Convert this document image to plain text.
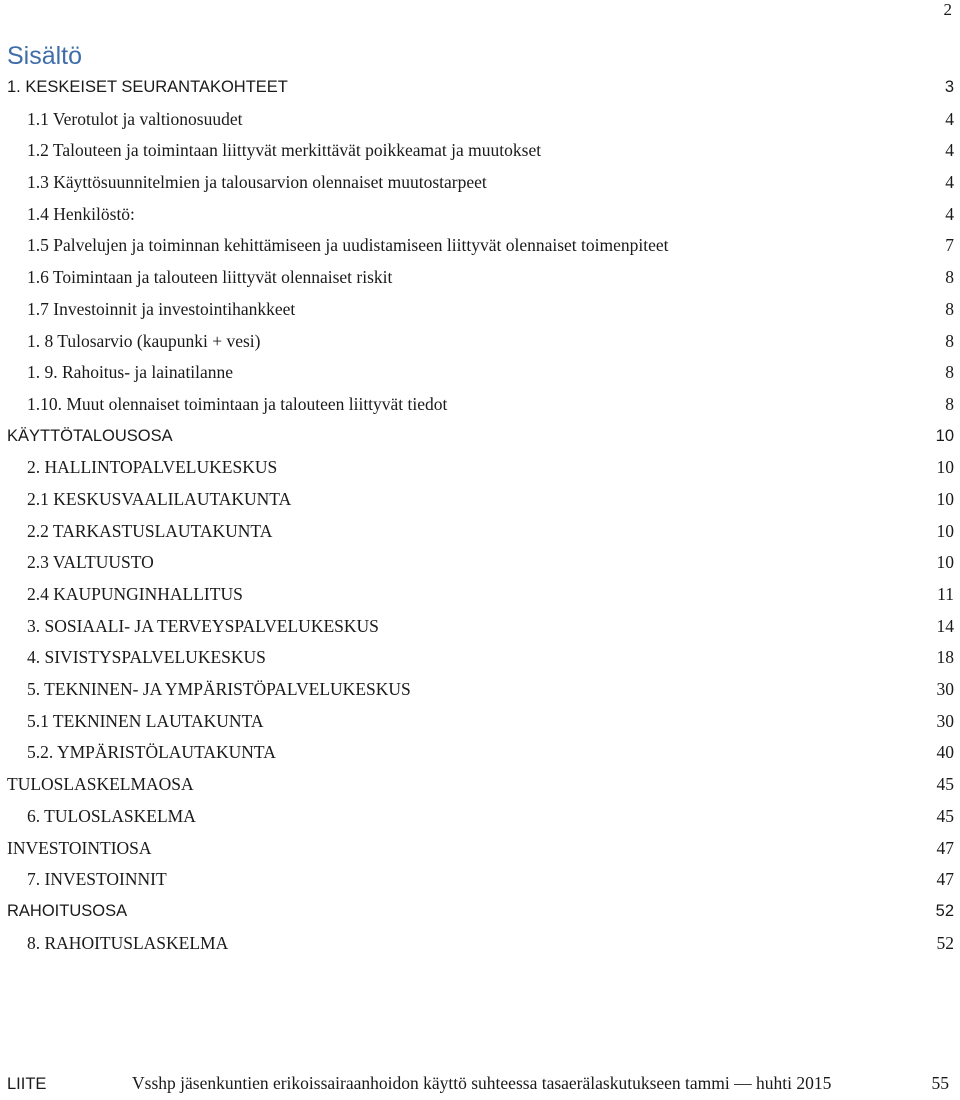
2
Sisältö
1. KESKEISET SEURANTAKOHTEET	3
1.1 Verotulot ja valtionosuudet	4
1.2 Talouteen ja toimintaan liittyvät merkittävät poikkeamat ja muutokset	4
1.3 Käyttösuunnitelmien ja talousarvion olennaiset muutostarpeet	4
1.4 Henkilöstö:	4
1.5 Palvelujen ja toiminnan kehittämiseen ja uudistamiseen liittyvät olennaiset toimenpiteet	7
1.6 Toimintaan ja talouteen liittyvät olennaiset riskit	8
1.7 Investoinnit ja investointihankkeet	8
1. 8 Tulosarvio (kaupunki + vesi)	8
1. 9. Rahoitus- ja lainatilanne	8
1.10. Muut olennaiset toimintaan ja talouteen liittyvät tiedot	8
KÄYTTÖTALOUSOSA	10
2. HALLINTOPALVELUKESKUS	10
2.1 KESKUSVAALILAUTAKUNTA	10
2.2 TARKASTUSLAUTAKUNTA	10
2.3 VALTUUSTO	10
2.4 KAUPUNGINHALLITUS	11
3. SOSIAALI- JA TERVEYSPALVELUKESKUS	14
4. SIVISTYSPALVELUKESKUS	18
5. TEKNINEN- JA YMPÄRISTÖPALVELUKESKUS	30
5.1 TEKNINEN LAUTAKUNTA	30
5.2. YMPÄRISTÖLAUTAKUNTA	40
TULOSLASKELMAOSA	45
6. TULOSLASKELMA	45
INVESTOINTIOSA	47
7. INVESTOINNIT	47
RAHOITUSOSA	52
8. RAHOITUSLASKELMA	52
LIITE	Vsshp jäsenkuntien erikoissairaanhoidon käyttö suhteessa tasaerälaskutukseen tammi — huhti 2015	55
